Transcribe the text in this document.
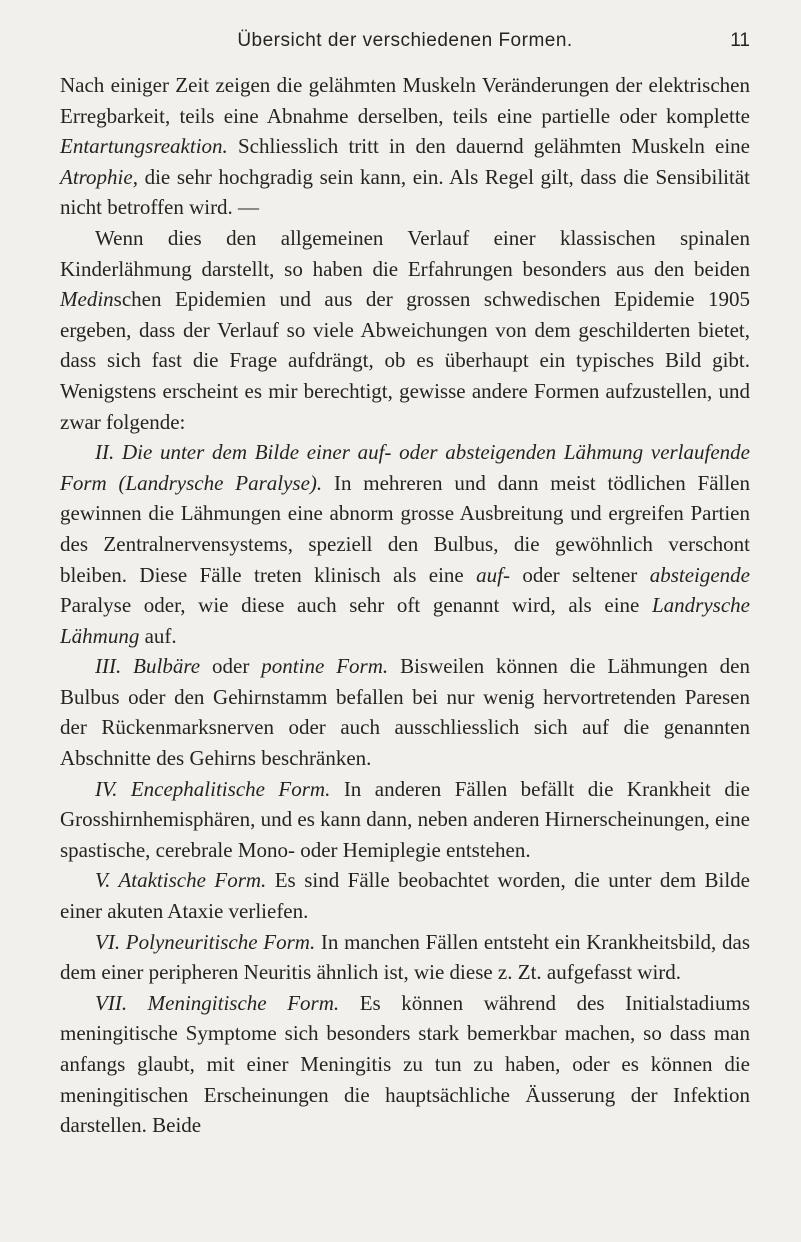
Übersicht der verschiedenen Formen.	11

Nach einiger Zeit zeigen die gelähmten Muskeln Veränderungen der elektrischen Erregbarkeit, teils eine Abnahme derselben, teils eine partielle oder komplette Entartungsreaktion. Schliesslich tritt in den dauernd gelähmten Muskeln eine Atrophie, die sehr hochgradig sein kann, ein. Als Regel gilt, dass die Sensibilität nicht betroffen wird. —

Wenn dies den allgemeinen Verlauf einer klassischen spinalen Kinderlähmung darstellt, so haben die Erfahrungen besonders aus den beiden Medinschen Epidemien und aus der grossen schwedischen Epidemie 1905 ergeben, dass der Verlauf so viele Abweichungen von dem geschilderten bietet, dass sich fast die Frage aufdrängt, ob es überhaupt ein typisches Bild gibt. Wenigstens erscheint es mir berechtigt, gewisse andere Formen aufzustellen, und zwar folgende:

II. Die unter dem Bilde einer auf- oder absteigenden Lähmung verlaufende Form (Landrysche Paralyse). In mehreren und dann meist tödlichen Fällen gewinnen die Lähmungen eine abnorm grosse Ausbreitung und ergreifen Partien des Zentralnervensystems, speziell den Bulbus, die gewöhnlich verschont bleiben. Diese Fälle treten klinisch als eine auf- oder seltener absteigende Paralyse oder, wie diese auch sehr oft genannt wird, als eine Landrysche Lähmung auf.

III. Bulbäre oder pontine Form. Bisweilen können die Lähmungen den Bulbus oder den Gehirnstamm befallen bei nur wenig hervortretenden Paresen der Rückenmarksnerven oder auch ausschliesslich sich auf die genannten Abschnitte des Gehirns beschränken.

IV. Encephalitische Form. In anderen Fällen befällt die Krankheit die Grosshirnhemisphären, und es kann dann, neben anderen Hirnerscheinungen, eine spastische, cerebrale Mono- oder Hemiplegie entstehen.

V. Ataktische Form. Es sind Fälle beobachtet worden, die unter dem Bilde einer akuten Ataxie verliefen.

VI. Polyneuritische Form. In manchen Fällen entsteht ein Krankheitsbild, das dem einer peripheren Neuritis ähnlich ist, wie diese z. Zt. aufgefasst wird.

VII. Meningitische Form. Es können während des Initialstadiums meningitische Symptome sich besonders stark bemerkbar machen, so dass man anfangs glaubt, mit einer Meningitis zu tun zu haben, oder es können die meningitischen Erscheinungen die hauptsächliche Äusserung der Infektion darstellen. Beide
